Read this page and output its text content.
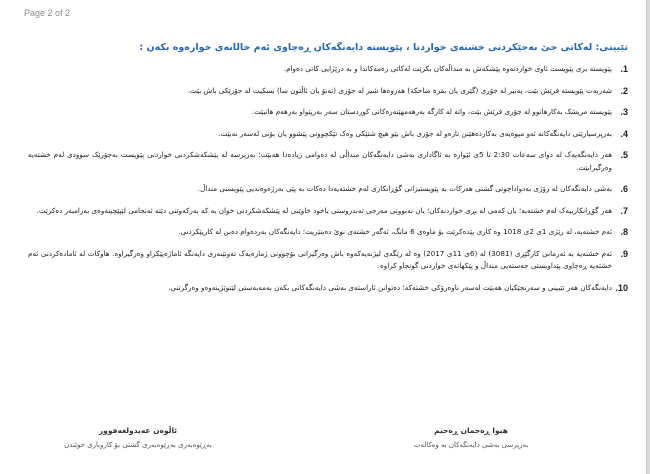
Page 2 of 2
تێبینی: لەکاتی جێ بەجێکردنی خشتەی خواردنا ، پێویستە دایەنگەکان ڕەچاوی ئەم خاڵانەی خوارەوە بکەن :
1.
پێویستە بری پێویست ئاوی خواردنەوە پێشکەش بە منداڵەکان بکرێت لەکاتی زەمەکاندا و بە درێژایی کاتی دەوام.
2.
شەربەت پێویستە فرێش بێت، پەنیر لە جۆری (گێری یان بقرة ضاحكة) هەروەها شیر لە جۆری (تەنۆ یان ئاڵتون سا) بسکیت لە جۆرێکی باش بێت.
3.
پێویستە مریشک بەکارهاتوو لە جۆری فرێش بێت، واتە لە کارگە بەرهەمهێنەرەکانی کوردستان سەر بەرپێواو بەرهەم هاتبێت.
4.
بەرپرسیارێتی دایەنگەکانە ئەو میوەیەی بەکاردەهێنن تازەو لە جۆری باش بێو هیچ شتێکی وەک تێکچوونی پێشوو یان بۆنی لەسەر نەبێت.
5.
هەر دایەنگەیەک لە دوای سەعات 2:30 تا 5ی ئێوارە بە ئاگاداری بەشی دایەنگەکان منداڵی لە دەوامی زیادەدا هەبێت؛ بەرپرسە لە پێشکەشکردنی خواردنی پێویست بەجۆرێک سوودی لەم خشتەیە وەرگیرابێت.
6.
بەشی دایەنگەکان لە رۆژی بەدواداچونی گشتی هەرکات بە پێویستیزانی گۆڕانکاری لەم خشتەیەدا دەکات بە پێی بەرژەوەندیی پێویستی منداڵ.
7.
هەر گۆڕانکارییەک لەم خشتەیە؛ بان کەمی لە بڕی خواردنەکان؛ یان نەبوونی مەرجی تەندروستی یاخود خاوێنی لە پێشکەشکردنی خوان بە کە بەرکەوتنی دێتە ئەنجامی لێپێچینەوەی بەرامبەر دەکرێت.
8.
ئەم خشتەیە، لە رێژی 1ی 2ی 1018 وە کاری پێدەکرێت بۆ ماوەی 6 مانگ، ئەگەر خشتەی نوێ دەبنێریت؛ دایەنگەکان بەردەوام دەبن لە کارپێکردنی.
9.
ئەم خشتەیە بە ئەرمانی کارگێڕی (3081) لە (6ی 11ی 2017) وە لە رێگەی لیژنەیەکەوە باش وەرگیرانی بۆچوونی ژمارەیەک تەونێنەری دایەنگە ئاماژەپێکراو وەرگیراوە. هاوکات لە ئامادەکردنی ئەم خشتەیە ڕەچاوی پێداویستی جەستەیی منداڵ و پێکهاتەی خواردنی گونجاو کراوە.
10.
دایەنگەکان هەر تێبینی و سەرنجێکیان هەبێت لەسەر ناوەرۆکی خشتەکە؛ دەتوانن ئاراستەی بەشی دایەنگەکانی بکەن بەمەبەستی لێتوێژینەوەو وەرگرتنی.
هیوا ڕەحمان ڕەحیم
بەرپرسی بەشی دایەنگەکان بە وەکالەت
ئاڵوەن عەبدولغەفوور
بەڕێوەبەری بەڕێوەبەری گشتی بۆ کاروباری خوێندن
